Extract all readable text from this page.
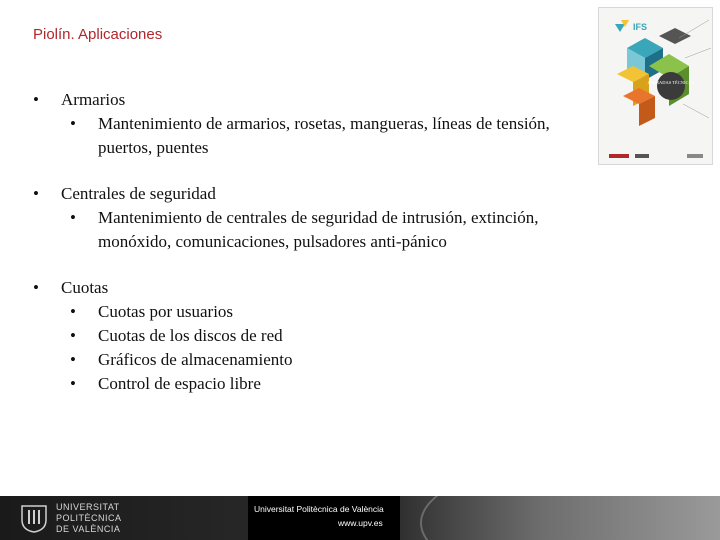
Piolín. Aplicaciones	IFS
JORNADAS TÉCNICAS
•	Armarios
•	Mantenimiento de armarios, rosetas, mangueras, líneas de tensión, puertos, puentes
•	Centrales de seguridad
•	Mantenimiento de centrales de seguridad de intrusión, extinción, monóxido, comunicaciones, pulsadores anti-pánico
•	Cuotas
•	Cuotas por usuarios
•	Cuotas de los discos de red
•	Gráficos de almacenamiento
•	Control de espacio libre
UNIVERSITAT
POLITÈCNICA
DE VALÈNCIA
Universitat Politècnica de València
www.upv.es
